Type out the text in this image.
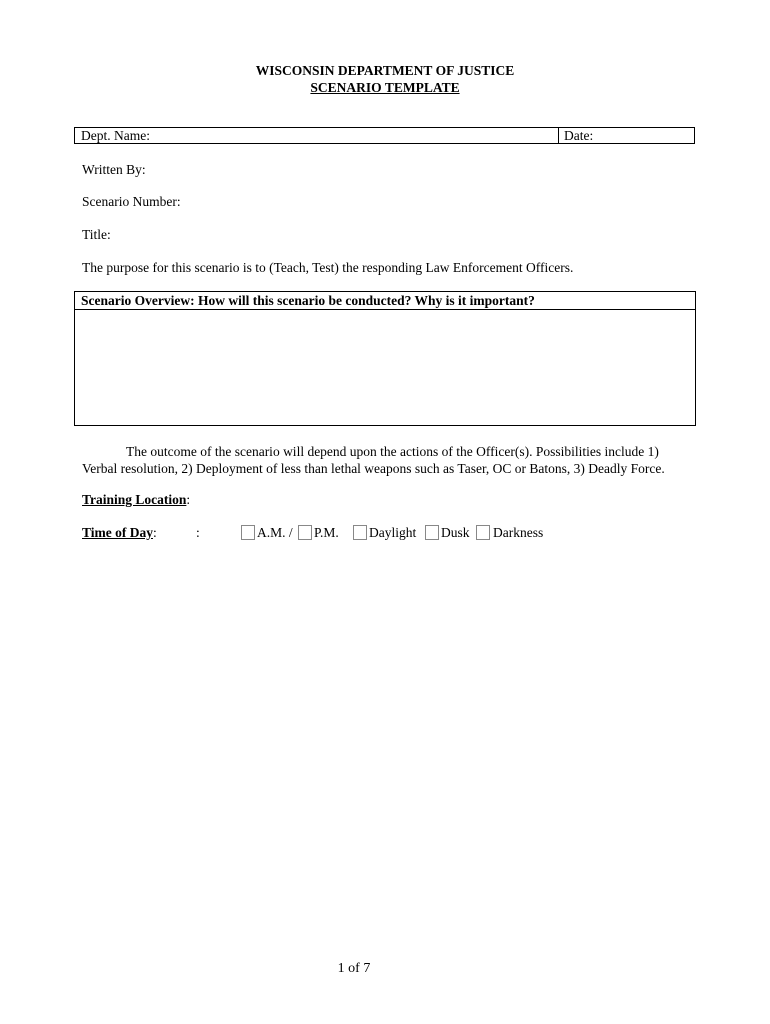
WISCONSIN DEPARTMENT OF JUSTICE
SCENARIO TEMPLATE
Dept. Name:	Date:
Written By:
Scenario Number:
Title:
The purpose for this scenario is to (Teach, Test) the responding Law Enforcement Officers.
Scenario Overview: How will this scenario be conducted? Why is it important?
The outcome of the scenario will depend upon the actions of the Officer(s). Possibilities include 1) Verbal resolution, 2) Deployment of less than lethal weapons such as Taser, OC or Batons, 3) Deadly Force.
Training Location:
Time of Day:	:	A.M. / P.M. Daylight Dusk Darkness
1 of 7
